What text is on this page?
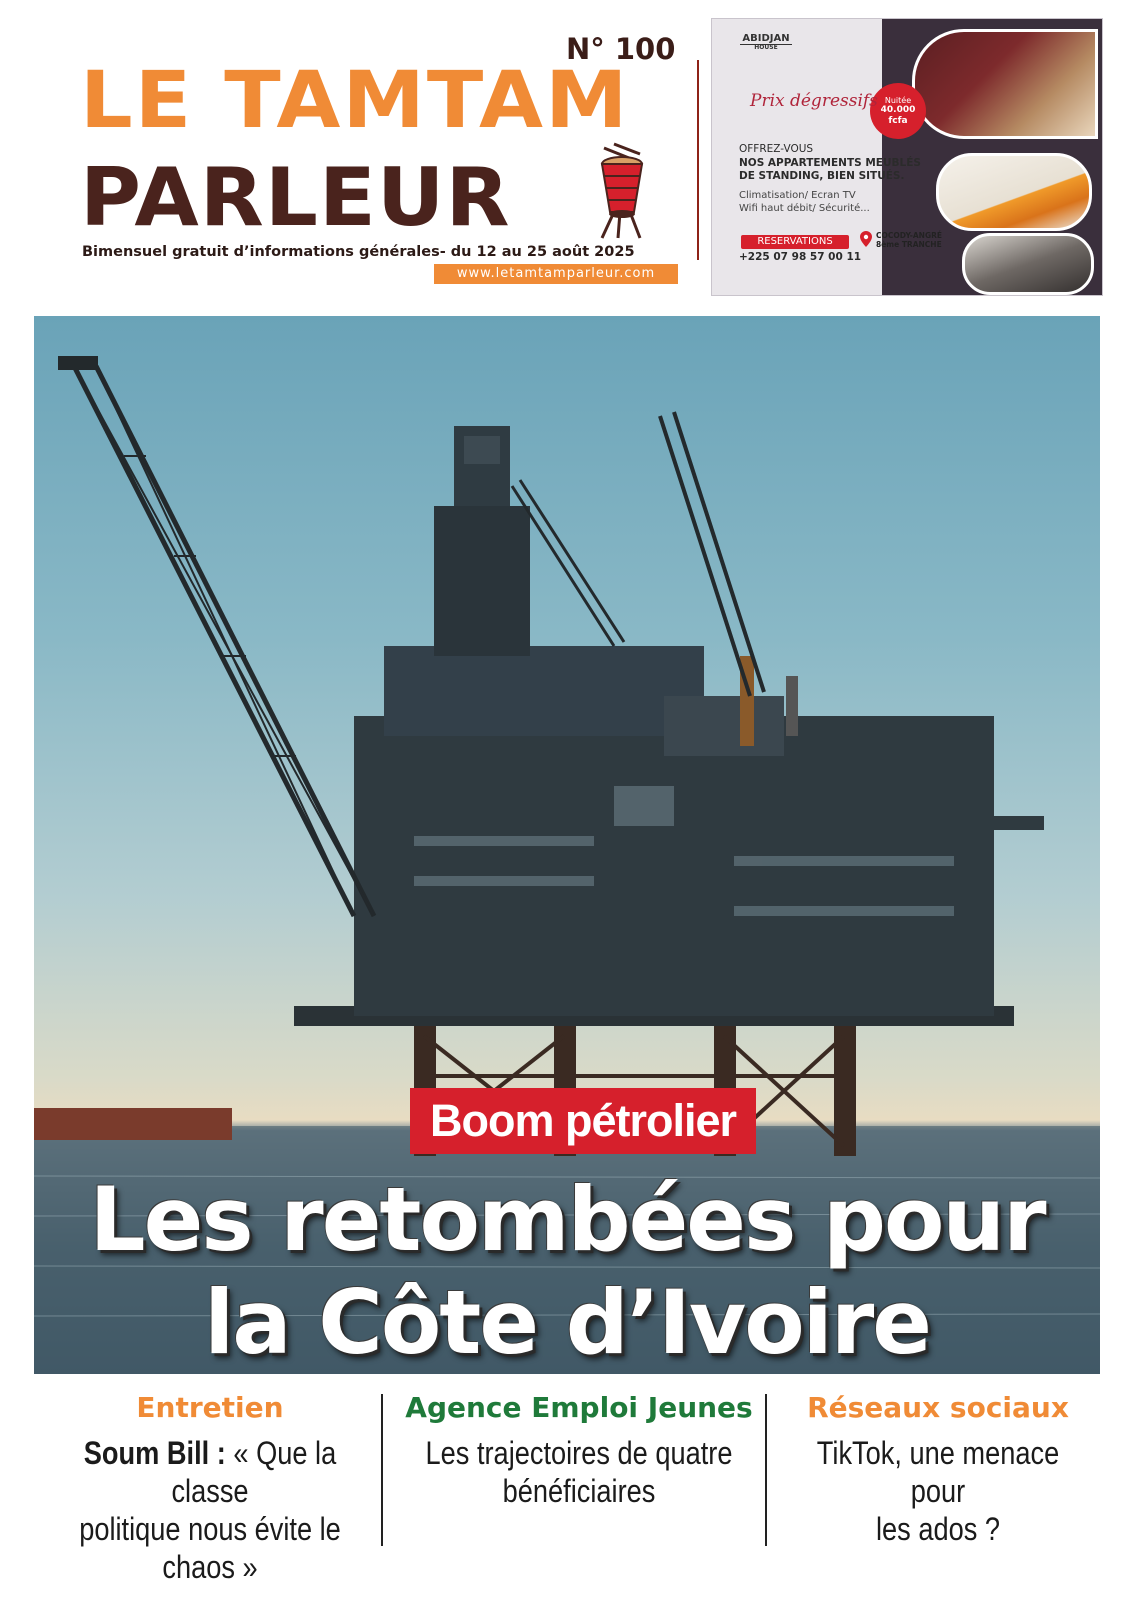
N° 100
LE TAMTAM
PARLEUR
Bimensuel gratuit d’informations générales- du 12 au 25 août 2025
www.letamtamparleur.com
ABIDJAN
HOUSE
Nuitée
40.000
fcfa
Prix dégressifs
OFFREZ-VOUS
NOS APPARTEMENTS MEUBLÉS
DE STANDING, BIEN SITUÉS.
Climatisation/ Ecran TV
Wifi haut débit/ Sécurité...
RESERVATIONS
+225 07 98 57 00 11
COCODY-ANGRÉ
8ème TRANCHE
Boom pétrolier
Les retombées pour
la Côte d’Ivoire
Entretien
Soum Bill : « Que la classe
politique nous évite le chaos »
Agence Emploi Jeunes
Les trajectoires de quatre
bénéficiaires
Réseaux sociaux
TikTok, une menace pour
les ados ?
